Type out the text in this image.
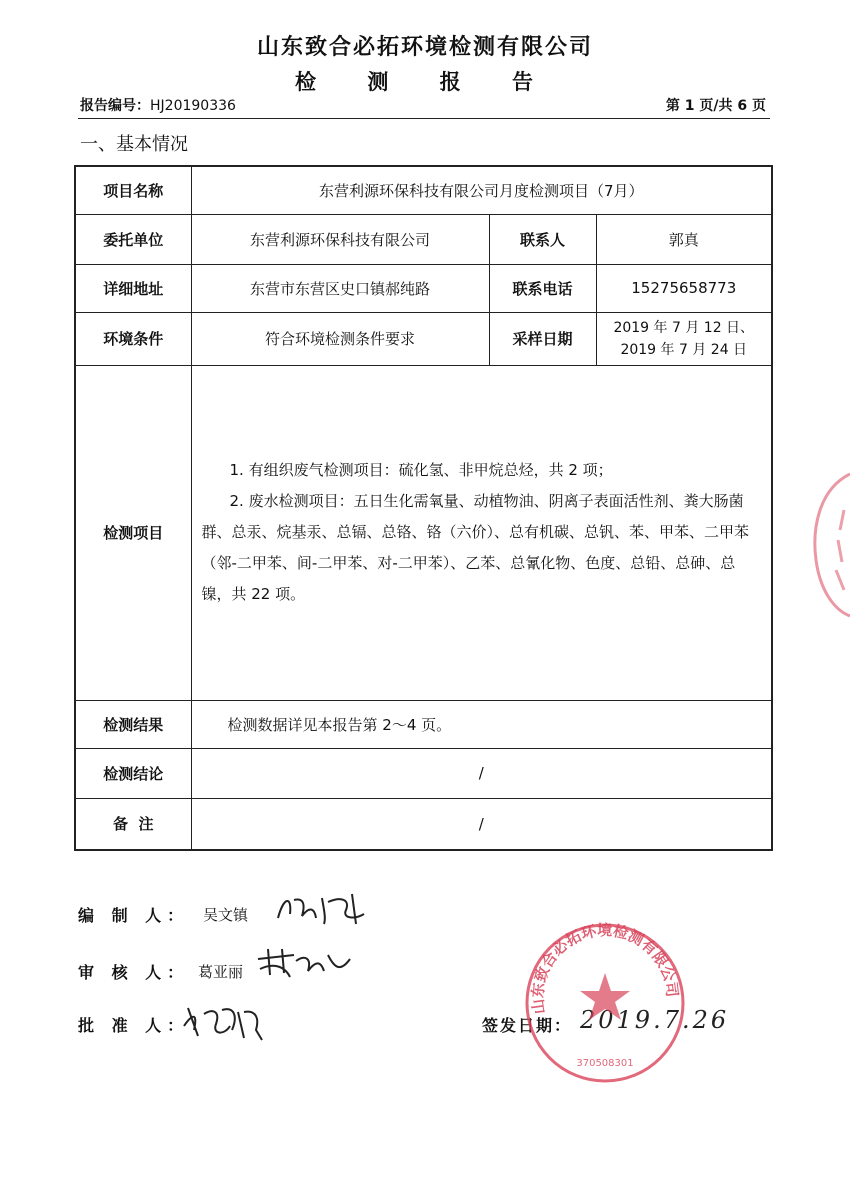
山东致合必拓环境检测有限公司
检 测 报 告
报告编号：HJ20190336	第 1 页/共 6 页
一、基本情况
项目名称	东营利源环保科技有限公司月度检测项目（7月）		
委托单位	东营利源环保科技有限公司	联系人	郭真
详细地址	东营市东营区史口镇郝纯路	联系电话	15275658773
环境条件	符合环境检测条件要求	采样日期	2019 年 7 月 12 日、
2019 年 7 月 24 日

检测项目	1. 有组织废气检测项目：硫化氢、非甲烷总烃，共 2 项；

2. 废水检测项目：五日生化需氧量、动植物油、阴离子表面活性剂、粪大肠菌群、总汞、烷基汞、总镉、总铬、铬（六价）、总有机碳、总钒、苯、甲苯、二甲苯（邻-二甲苯、间-二甲苯、对-二甲苯）、乙苯、总氰化物、色度、总铅、总砷、总镍，共 22 项。		

检测结果	检测数据详见本报告第 2～4 页。		
检测结论	/		
备  注	/		
编 制 人： 吴文镇
审 核 人： 葛亚丽
批 准 人：	签发日期： 2019.7.26
山东致合必拓环境检测有限公司
370508301
